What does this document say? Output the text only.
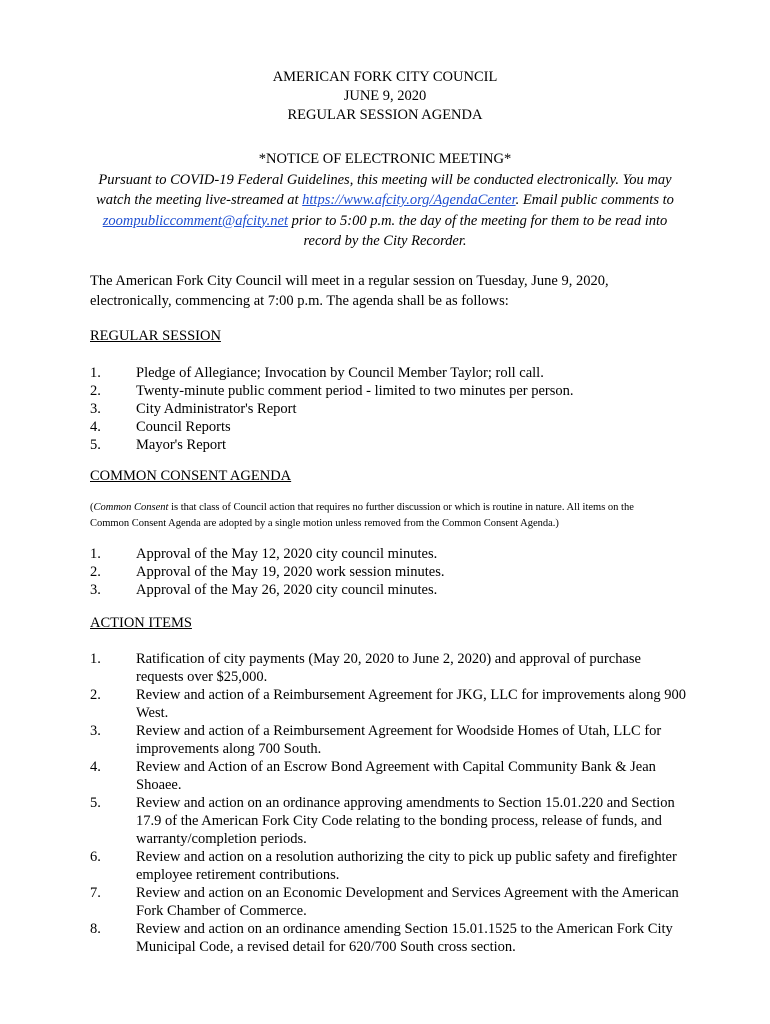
AMERICAN FORK CITY COUNCIL
JUNE 9, 2020
REGULAR SESSION AGENDA
*NOTICE OF ELECTRONIC MEETING*
Pursuant to COVID-19 Federal Guidelines, this meeting will be conducted electronically. You may watch the meeting live-streamed at https://www.afcity.org/AgendaCenter. Email public comments to zoompubliccomment@afcity.net prior to 5:00 p.m. the day of the meeting for them to be read into record by the City Recorder.
The American Fork City Council will meet in a regular session on Tuesday, June 9, 2020, electronically, commencing at 7:00 p.m. The agenda shall be as follows:
REGULAR SESSION
1. Pledge of Allegiance; Invocation by Council Member Taylor; roll call.
2. Twenty-minute public comment period - limited to two minutes per person.
3. City Administrator's Report
4. Council Reports
5. Mayor's Report
COMMON CONSENT AGENDA
(Common Consent is that class of Council action that requires no further discussion or which is routine in nature. All items on the Common Consent Agenda are adopted by a single motion unless removed from the Common Consent Agenda.)
1. Approval of the May 12, 2020 city council minutes.
2. Approval of the May 19, 2020 work session minutes.
3. Approval of the May 26, 2020 city council minutes.
ACTION ITEMS
1. Ratification of city payments (May 20, 2020 to June 2, 2020) and approval of purchase requests over $25,000.
2. Review and action of a Reimbursement Agreement for JKG, LLC for improvements along 900 West.
3. Review and action of a Reimbursement Agreement for Woodside Homes of Utah, LLC for improvements along 700 South.
4. Review and Action of an Escrow Bond Agreement with Capital Community Bank & Jean Shoaee.
5. Review and action on an ordinance approving amendments to Section 15.01.220 and Section 17.9 of the American Fork City Code relating to the bonding process, release of funds, and warranty/completion periods.
6. Review and action on a resolution authorizing the city to pick up public safety and firefighter employee retirement contributions.
7. Review and action on an Economic Development and Services Agreement with the American Fork Chamber of Commerce.
8. Review and action on an ordinance amending Section 15.01.1525 to the American Fork City Municipal Code, a revised detail for 620/700 South cross section.
